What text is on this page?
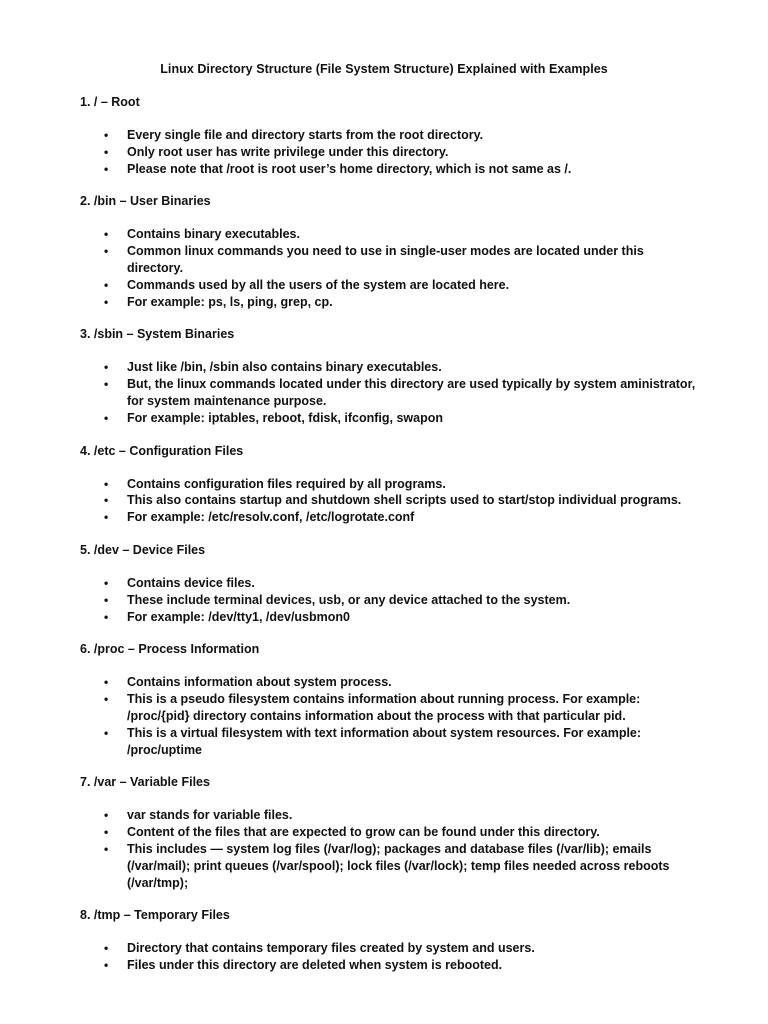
Linux Directory Structure (File System Structure) Explained with Examples
1. / – Root
•	Every single file and directory starts from the root directory.
•	Only root user has write privilege under this directory.
•	Please note that /root is root user’s home directory, which is not same as /.
2. /bin – User Binaries
•	Contains binary executables.
•	Common linux commands you need to use in single-user modes are located under this directory.
•	Commands used by all the users of the system are located here.
•	For example: ps, ls, ping, grep, cp.
3. /sbin – System Binaries
•	Just like /bin, /sbin also contains binary executables.
•	But, the linux commands located under this directory are used typically by system aministrator, for system maintenance purpose.
•	For example: iptables, reboot, fdisk, ifconfig, swapon
4. /etc – Configuration Files
•	Contains configuration files required by all programs.
•	This also contains startup and shutdown shell scripts used to start/stop individual programs.
•	For example: /etc/resolv.conf, /etc/logrotate.conf
5. /dev – Device Files
•	Contains device files.
•	These include terminal devices, usb, or any device attached to the system.
•	For example: /dev/tty1, /dev/usbmon0
6. /proc – Process Information
•	Contains information about system process.
•	This is a pseudo filesystem contains information about running process. For example: /proc/{pid} directory contains information about the process with that particular pid.
•	This is a virtual filesystem with text information about system resources. For example: /proc/uptime
7. /var – Variable Files
•	var stands for variable files.
•	Content of the files that are expected to grow can be found under this directory.
•	This includes — system log files (/var/log); packages and database files (/var/lib); emails (/var/mail); print queues (/var/spool); lock files (/var/lock); temp files needed across reboots (/var/tmp);
8. /tmp – Temporary Files
•	Directory that contains temporary files created by system and users.
•	Files under this directory are deleted when system is rebooted.
